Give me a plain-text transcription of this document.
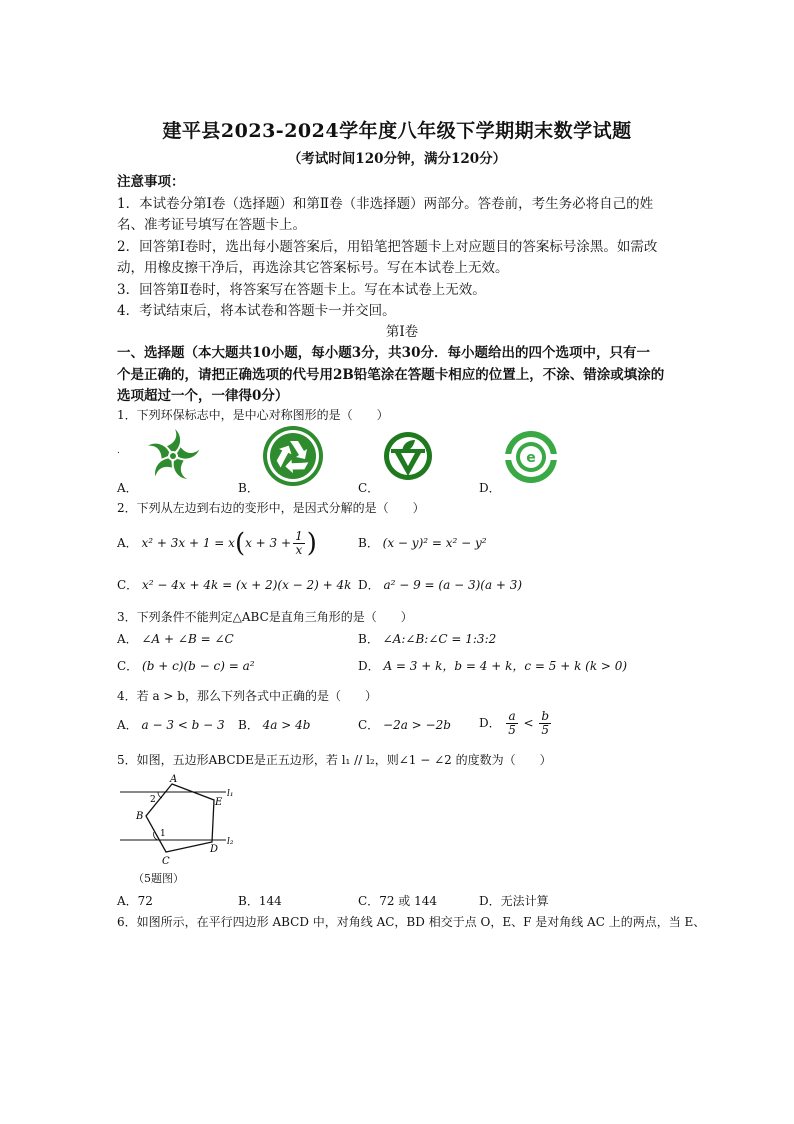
建平县2023-2024学年度八年级下学期期末数学试题
（考试时间120分钟，满分120分）
注意事项：
1．本试卷分第Ⅰ卷（选择题）和第Ⅱ卷（非选择题）两部分。答卷前，考生务必将自己的姓
名、准考证号填写在答题卡上。
2．回答第Ⅰ卷时，选出每小题答案后，用铅笔把答题卡上对应题目的答案标号涂黑。如需改
动，用橡皮擦干净后，再选涂其它答案标号。写在本试卷上无效。
3．回答第Ⅱ卷时，将答案写在答题卡上。写在本试卷上无效。
4．考试结束后，将本试卷和答题卡一并交回。
第Ⅰ卷
一、选择题（本大题共10小题，每小题3分，共30分．每小题给出的四个选项中，只有一
个是正确的，请把正确选项的代号用2B铅笔涂在答题卡相应的位置上，不涂、错涂或填涂的
选项超过一个，一律得0分）
1．下列环保标志中，是中心对称图形的是（　　）
.	e
A．	B．	C．	D．
2．下列从左边到右边的变形中，是因式分解的是（　　）
A． $x^2 + 3x + 1 = x(x + 3 + \frac{1}{x}$ )	B． (x − y)² = x² − y²
C． x² − 4x + 4k = (x + 2)(x − 2) + 4k D． a² − 9 = (a − 3)(a + 3)
3．下列条件不能判定△ABC是直角三角形的是（　　）
A． ∠A + ∠B = ∠C	B． ∠A:∠B:∠C = 1:3:2
C． (b + c)(b − c) = a²	D． A = 3 + k，b = 4 + k，c = 5 + k (k > 0)
4．若 a > b，那么下列各式中正确的是（　　）
A． a − 3 < b − 3 B． 4a > 4b	C． −2a > −2b D． $\frac{a}{5} < \frac{b}{5}$
5．如图，五边形ABCDE是正五边形，若 l₁ // l₂，则∠1 − ∠2 的度数为（　　）
A
B
C
D
E
l₁
l₂
1
2
（5题图）
A．72	B．144	C．72 或 144	D．无法计算
6．如图所示，在平行四边形 ABCD 中，对角线 AC，BD 相交于点 O，E、F 是对角线 AC 上的两点，当 E、
